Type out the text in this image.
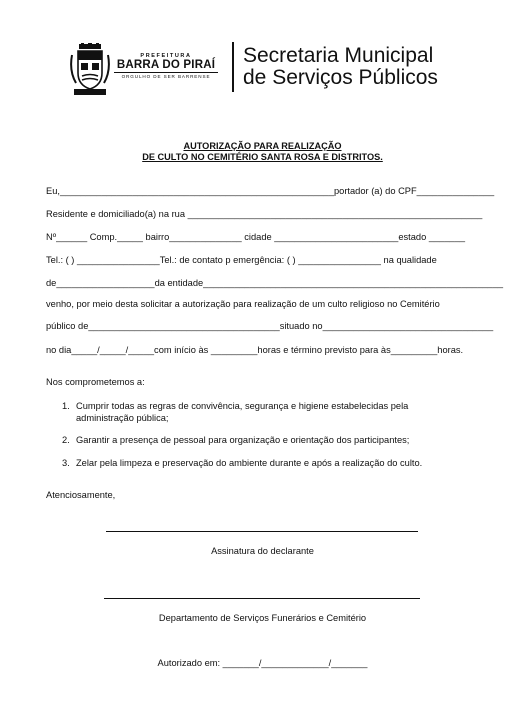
PREFEITURA
BARRA DO PIRAÍ
ORGULHO DE SER BARRENSE
Secretaria Municipal
de Serviços Públicos
AUTORIZAÇÃO PARA REALIZAÇÃO
DE CULTO NO CEMITÉRIO SANTA ROSA E DISTRITOS.
Eu,_____________________________________________________portador (a) do CPF_______________
Residente e domiciliado(a) na rua _________________________________________________________
Nº______ Comp._____ bairro______________ cidade ________________________estado _______
Tel.: ( ) ________________Tel.: de contato p emergência: ( ) ________________ na qualidade
de___________________da entidade__________________________________________________________
venho, por meio desta solicitar a autorização para realização de um culto religioso no Cemitério
público de_____________________________________situado no_________________________________
no dia_____/_____/_____com início às _________horas e término previsto para às_________horas.
Nos comprometemos a:
1. Cumprir todas as regras de convivência, segurança e higiene estabelecidas pela administração pública;
2. Garantir a presença de pessoal para organização e orientação dos participantes;
3. Zelar pela limpeza e preservação do ambiente durante e após a realização do culto.
Atenciosamente,
Assinatura do declarante
Departamento de Serviços Funerários e Cemitério
Autorizado em: _______/_____________/_______
